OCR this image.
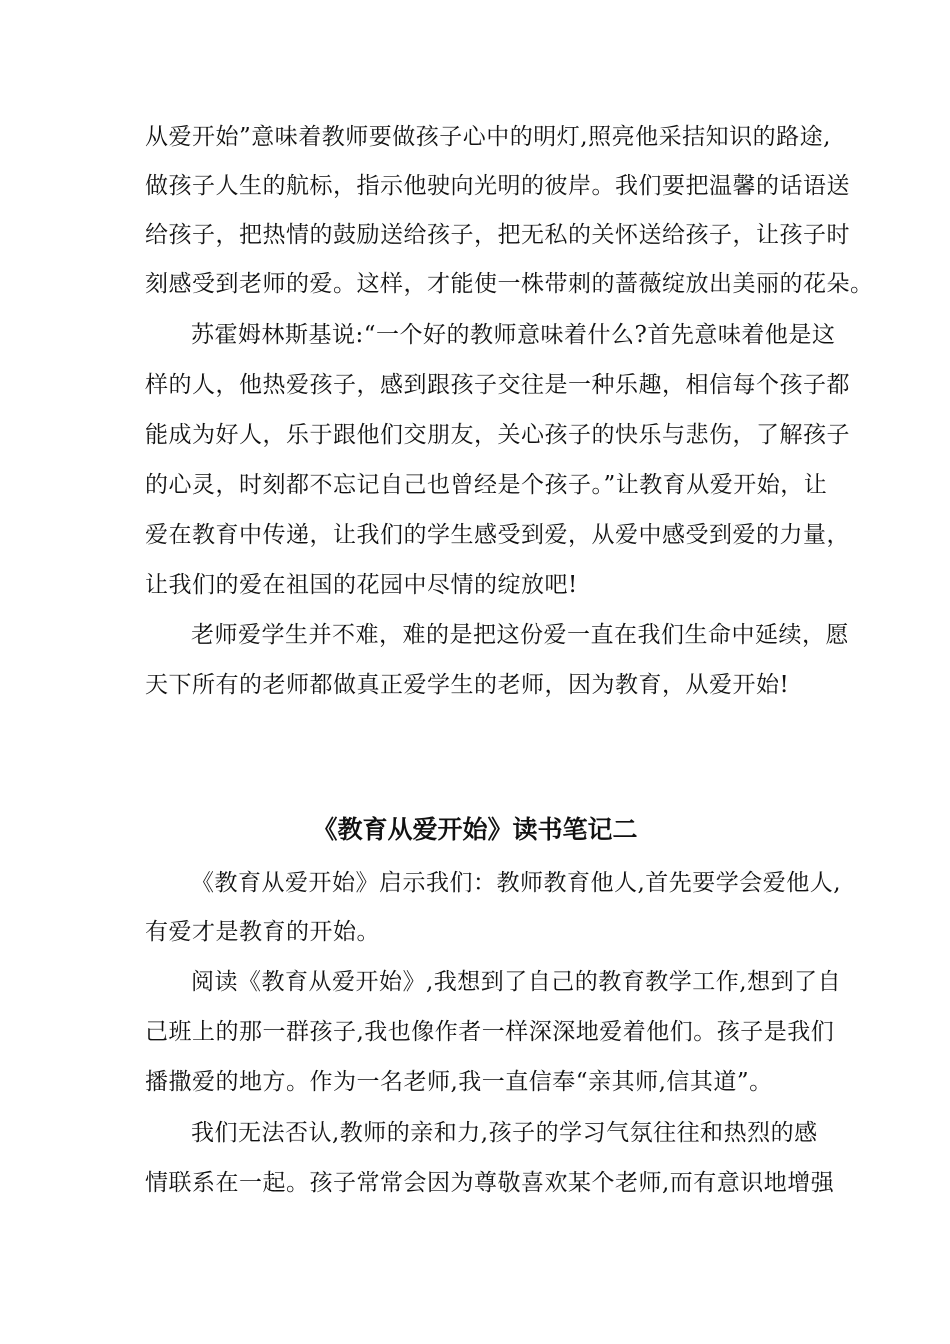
从爱开始”意味着教师要做孩子心中的明灯,照亮他采拮知识的路途,
做孩子人生的航标，指示他驶向光明的彼岸。我们要把温馨的话语送
给孩子，把热情的鼓励送给孩子，把无私的关怀送给孩子，让孩子时
刻感受到老师的爱。这样，才能使一株带刺的蔷薇绽放出美丽的花朵。
苏霍姆林斯基说:“一个好的教师意味着什么?首先意味着他是这
样的人，他热爱孩子，感到跟孩子交往是一种乐趣，相信每个孩子都
能成为好人，乐于跟他们交朋友，关心孩子的快乐与悲伤，了解孩子
的心灵，时刻都不忘记自己也曾经是个孩子。”让教育从爱开始，让
爱在教育中传递，让我们的学生感受到爱，从爱中感受到爱的力量，
让我们的爱在祖国的花园中尽情的绽放吧!
老师爱学生并不难，难的是把这份爱一直在我们生命中延续，愿
天下所有的老师都做真正爱学生的老师，因为教育，从爱开始!
《教育从爱开始》读书笔记二
《教育从爱开始》启示我们：教师教育他人,首先要学会爱他人,
有爱才是教育的开始。
阅读《教育从爱开始》,我想到了自己的教育教学工作,想到了自
己班上的那一群孩子,我也像作者一样深深地爱着他们。孩子是我们
播撒爱的地方。作为一名老师,我一直信奉“亲其师,信其道”。
我们无法否认,教师的亲和力,孩子的学习气氛往往和热烈的感
情联系在一起。孩子常常会因为尊敬喜欢某个老师,而有意识地增强
